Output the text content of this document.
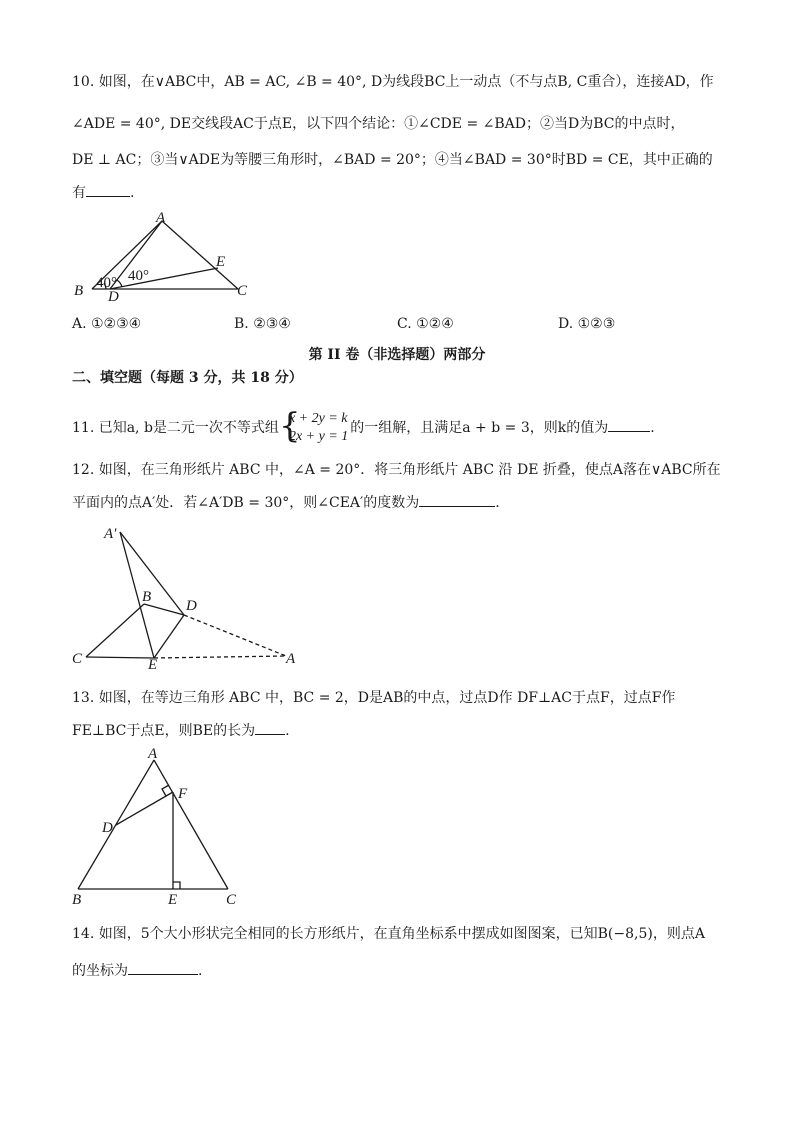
10. 如图，在∨ABC中，AB = AC, ∠B = 40°, D为线段BC上一动点（不与点B, C重合），连接AD，作
∠ADE = 40°, DE交线段AC于点E，以下四个结论：①∠CDE = ∠BAD；②当D为BC的中点时，
DE ⊥ AC；③当∨ADE为等腰三角形时，∠BAD = 20°；④当∠BAD = 30°时BD = CE，其中正确的
有	.
A
B	C
D
E
40° 40°
A. ①②③④	B. ②③④	C. ①②④	D. ①②③
第 II 卷（非选择题）两部分
二、填空题（每题 3 分，共 18 分）
11. 已知a, b是二元一次不等式组 {
x + 2y = k
2x + y = 1
的一组解，且满足a + b = 3，则k的值为	.
12. 如图，在三角形纸片 ABC 中，∠A = 20°．将三角形纸片 ABC 沿 DE 折叠，使点A落在∨ABC所在
平面内的点A′处．若∠A′DB = 30°，则∠CEA′的度数为	.
A′
B
D
C	E	A
13. 如图，在等边三角形 ABC 中，BC = 2，D是AB的中点，过点D作 DF⊥AC于点F，过点F作
FE⊥BC于点E，则BE的长为 .
A
F
D
B	E	C
14. 如图，5个大小形状完全相同的长方形纸片，在直角坐标系中摆成如图图案，已知B(−8,5)，则点A
的坐标为	.
